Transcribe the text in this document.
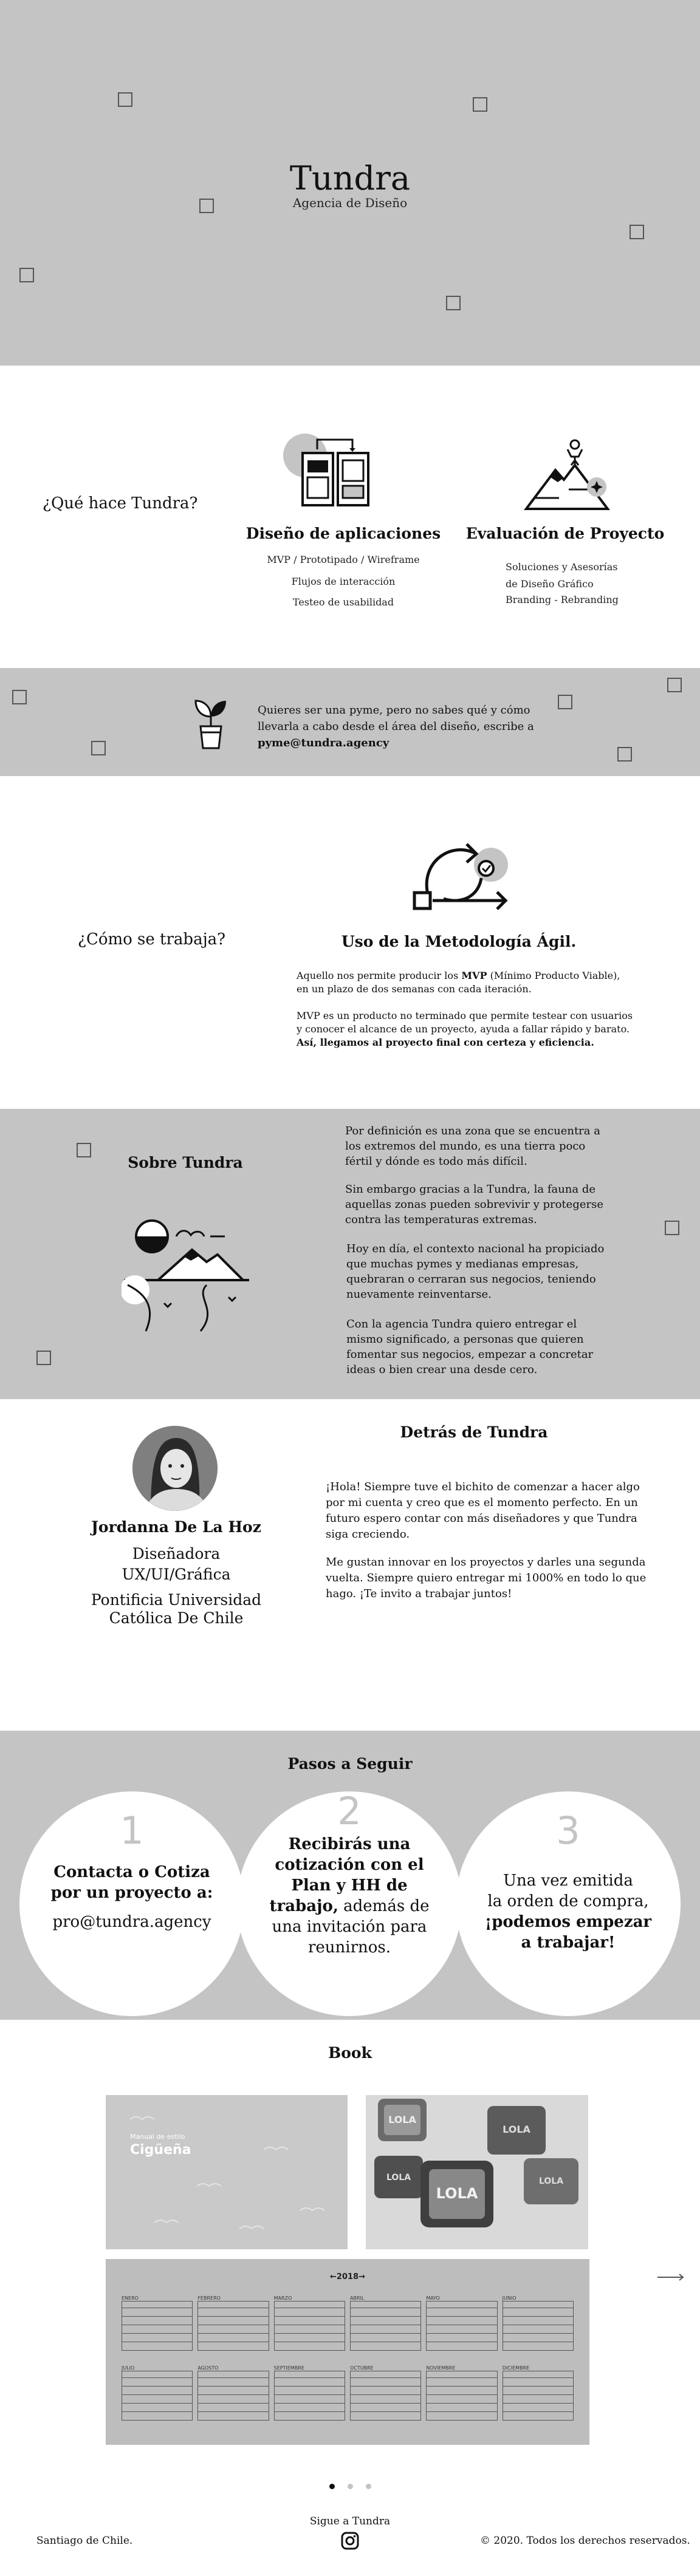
Tundra
Agencia de Diseño
¿Qué hace Tundra?
Diseño de aplicaciones
MVP / Prototipado / Wireframe
Flujos de interacción
Testeo de usabilidad
Evaluación de Proyecto
Soluciones y Asesorías
de Diseño Gráfico
Branding - Rebranding
Quieres ser una pyme, pero no sabes qué y cómo
llevarla a cabo desde el área del diseño, escribe a
pyme@tundra.agency
¿Cómo se trabaja?	Uso de la Metodología Ágil.
Aquello nos permite producir los MVP (Mínimo Producto Viable),
en un plazo de dos semanas con cada iteración.
MVP es un producto no terminado que permite testear con usuarios
y conocer el alcance de un proyecto, ayuda a fallar rápido y barato.
Así, llegamos al proyecto final con certeza y eficiencia.
Sobre Tundra
Por definición es una zona que se encuentra a
los extremos del mundo, es una tierra poco
fértil y dónde es todo más difícil.
Sin embargo gracias a la Tundra, la fauna de
aquellas zonas pueden sobrevivir y protegerse
contra las temperaturas extremas.
Hoy en día, el contexto nacional ha propiciado
que muchas pymes y medianas empresas,
quebraran o cerraran sus negocios, teniendo
nuevamente reinventarse.
Con la agencia Tundra quiero entregar el
mismo significado, a personas que quieren
fomentar sus negocios, empezar a concretar
ideas o bien crear una desde cero.
Jordanna De La Hoz
Diseñadora
UX/UI/Gráfica
Pontificia Universidad
Católica De Chile
Detrás de Tundra
¡Hola! Siempre tuve el bichito de comenzar a hacer algo
por mi cuenta y creo que es el momento perfecto. En un
futuro espero contar con más diseñadores y que Tundra
siga creciendo.
Me gustan innovar en los proyectos y darles una segunda
vuelta. Siempre quiero entregar mi 1000% en todo lo que
hago. ¡Te invito a trabajar juntos!
Pasos a Seguir
1
Contacta o Cotiza
por un proyecto a:
pro@tundra.agency
2
Recibirás una
cotización con el
Plan y HH de
trabajo, además de
una invitación para
reunirnos.
3
Una vez emitida
la orden de compra,
¡podemos empezar
a trabajar!
Book
Manual de estilo
Cigüeña
LOLA
LOLA
LOLA	LOLA
LOLA
←2018→
ENERO	FEBRERO	MARZO	ABRIL	MAYO	JUNIO
JULIO	AGOSTO	SEPTIEMBRE	OCTUBRE	NOVIEMBRE	DICIEMBRE
Santiago de Chile.
Sigue a Tundra
© 2020. Todos los derechos reservados.
